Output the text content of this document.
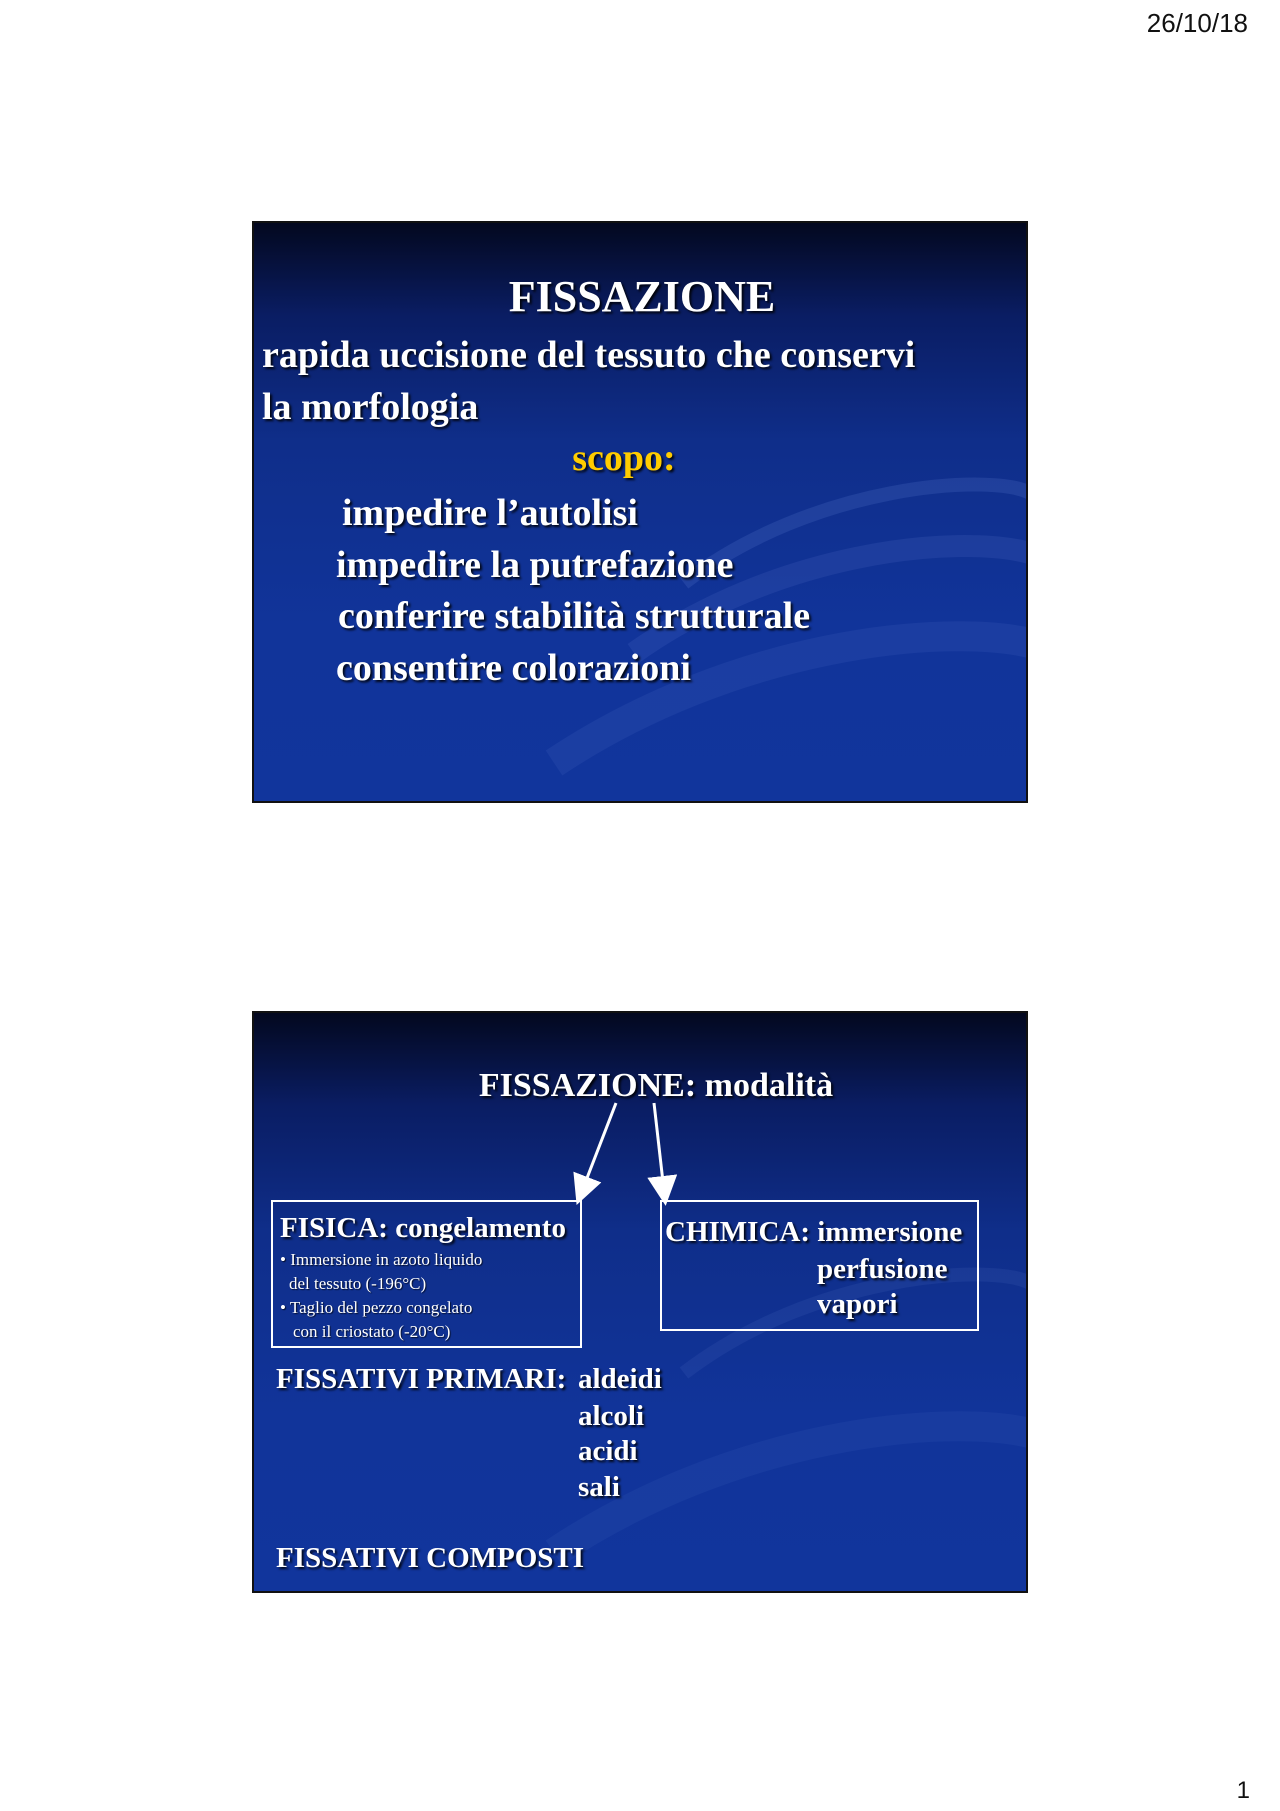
26/10/18
FISSAZIONE
rapida uccisione del tessuto che conservi
la morfologia
scopo:
impedire l’autolisi
impedire la putrefazione
conferire stabilità strutturale
consentire colorazioni
FISSAZIONE: modalità
FISICA: congelamento
• Immersione in azoto liquido
del tessuto (-196°C)
• Taglio del pezzo congelato
con il criostato (-20°C)
CHIMICA: immersione
perfusione
vapori
FISSATIVI PRIMARI: aldeidi
alcoli
acidi
sali
FISSATIVI COMPOSTI
1
